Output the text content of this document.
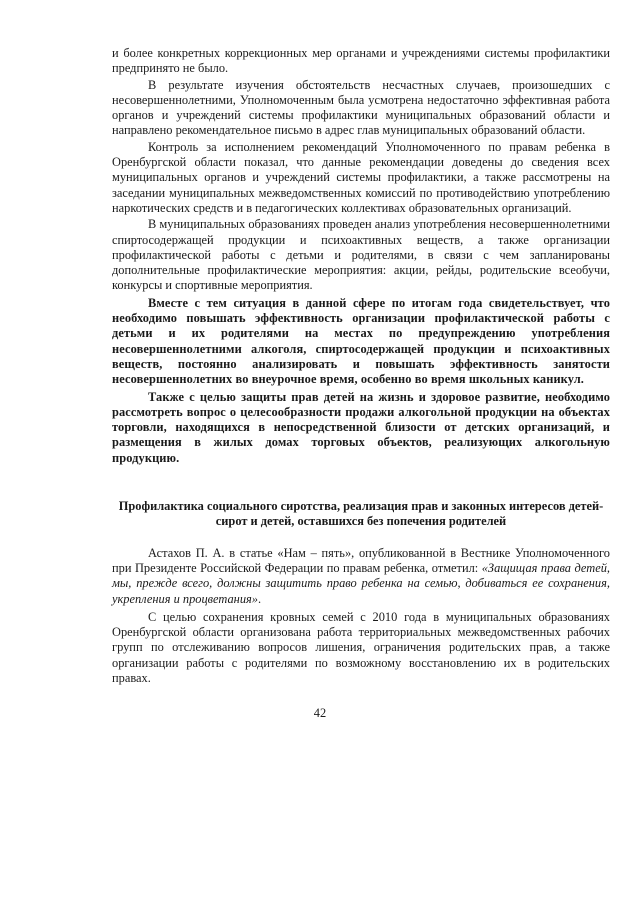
и более конкретных коррекционных мер органами и учреждениями системы профилактики предпринято не было.

В результате изучения обстоятельств несчастных случаев, произошедших с несовершеннолетними, Уполномоченным была усмотрена недостаточно эффективная работа органов и учреждений системы профилактики муниципальных образований области и направлено рекомендательное письмо в адрес глав муниципальных образований области.

Контроль за исполнением рекомендаций Уполномоченного по правам ребенка в Оренбургской области показал, что данные рекомендации доведены до сведения всех муниципальных органов и учреждений системы профилактики, а также рассмотрены на заседании муниципальных межведомственных комиссий по противодействию употреблению наркотических средств и в педагогических коллективах образовательных организаций.

В муниципальных образованиях проведен анализ употребления несовершеннолетними спиртосодержащей продукции и психоактивных веществ, а также организации профилактической работы с детьми и родителями, в связи с чем запланированы дополнительные профилактические мероприятия: акции, рейды, родительские всеобучи, конкурсы и спортивные мероприятия.

Вместе с тем ситуация в данной сфере по итогам года свидетельствует, что необходимо повышать эффективность организации профилактической работы с детьми и их родителями на местах по предупреждению употребления несовершеннолетними алкоголя, спиртосодержащей продукции и психоактивных веществ, постоянно анализировать и повышать эффективность занятости несовершеннолетних во внеурочное время, особенно во время школьных каникул.

Также с целью защиты прав детей на жизнь и здоровое развитие, необходимо рассмотреть вопрос о целесообразности продажи алкогольной продукции на объектах торговли, находящихся в непосредственной близости от детских организаций, и размещения в жилых домах торговых объектов, реализующих алкогольную продукцию.

Профилактика социального сиротства, реализация прав и законных интересов детей-сирот и детей, оставшихся без попечения родителей

Астахов П. А. в статье «Нам – пять», опубликованной в Вестнике Уполномоченного при Президенте Российской Федерации по правам ребенка, отметил: «Защищая права детей, мы, прежде всего, должны защитить право ребенка на семью, добиваться ее сохранения, укрепления и процветания».

С целью сохранения кровных семей с 2010 года в муниципальных образованиях Оренбургской области организована работа территориальных межведомственных рабочих групп по отслеживанию вопросов лишения, ограничения родительских прав, а также организации работы с родителями по возможному восстановлению их в родительских правах.

42
